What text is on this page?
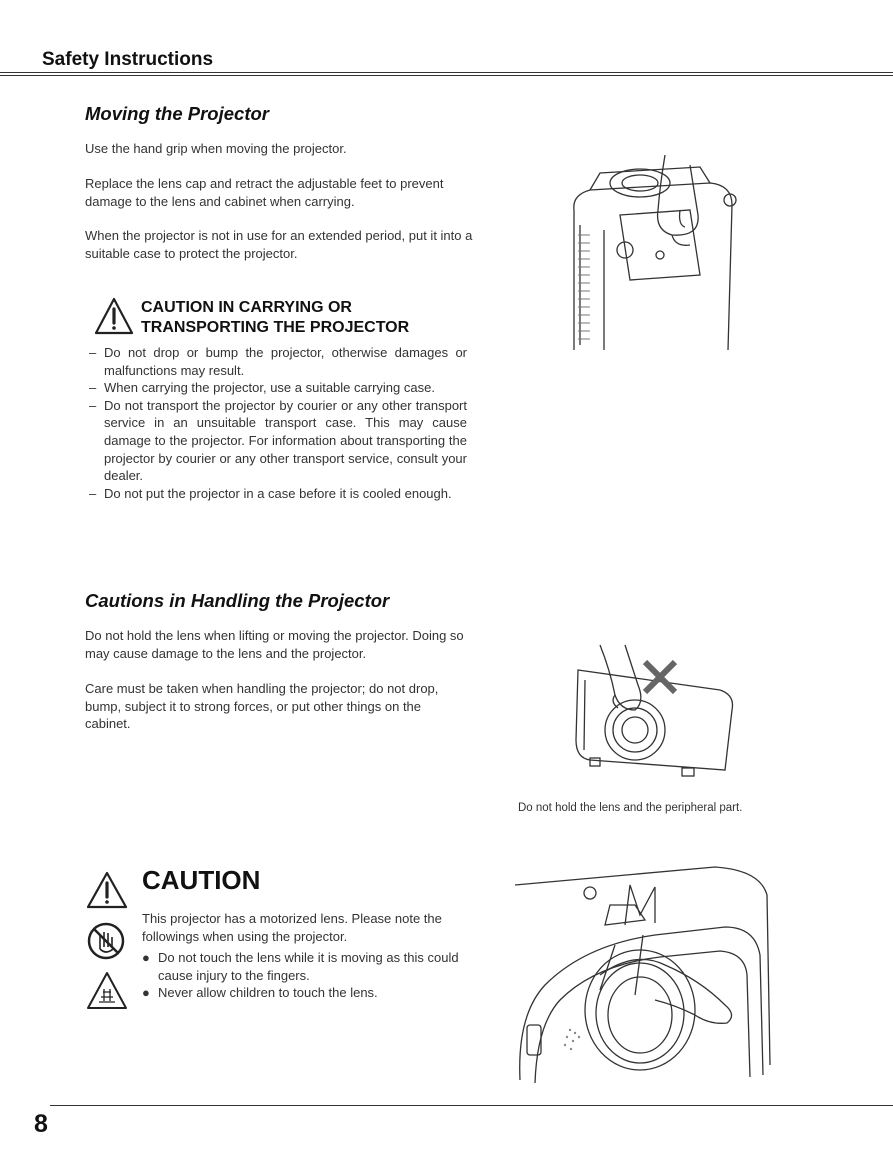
Safety Instructions
Moving the Projector
Use the hand grip when moving the projector.
Replace the lens cap and retract the adjustable feet to prevent damage to the lens and cabinet when carrying.
When the projector is not in use for an extended period, put it into a suitable case to protect the projector.
CAUTION IN CARRYING OR
TRANSPORTING THE PROJECTOR
– Do not drop or bump the projector, otherwise damages or malfunctions may result.
– When carrying the projector, use a suitable carrying case.
– Do not transport the projector by courier or any other transport service in an unsuitable transport case. This may cause damage to the projector. For information about transporting the projector by courier or any other transport service, consult your dealer.
– Do not put the projector in a case before it is cooled enough.
Cautions in Handling the Projector
Do not hold the lens when lifting or moving the projector. Doing so may cause damage to the lens and the projector.
Care must be taken when handling the projector; do not drop, bump, subject it to strong forces, or put other things on the cabinet.
Do not hold the lens and the peripheral part.
CAUTION
This projector has a motorized lens. Please note the followings when using the projector.
● Do not touch the lens while it is moving as this could cause injury to the fingers.
● Never allow children to touch the lens.
8
